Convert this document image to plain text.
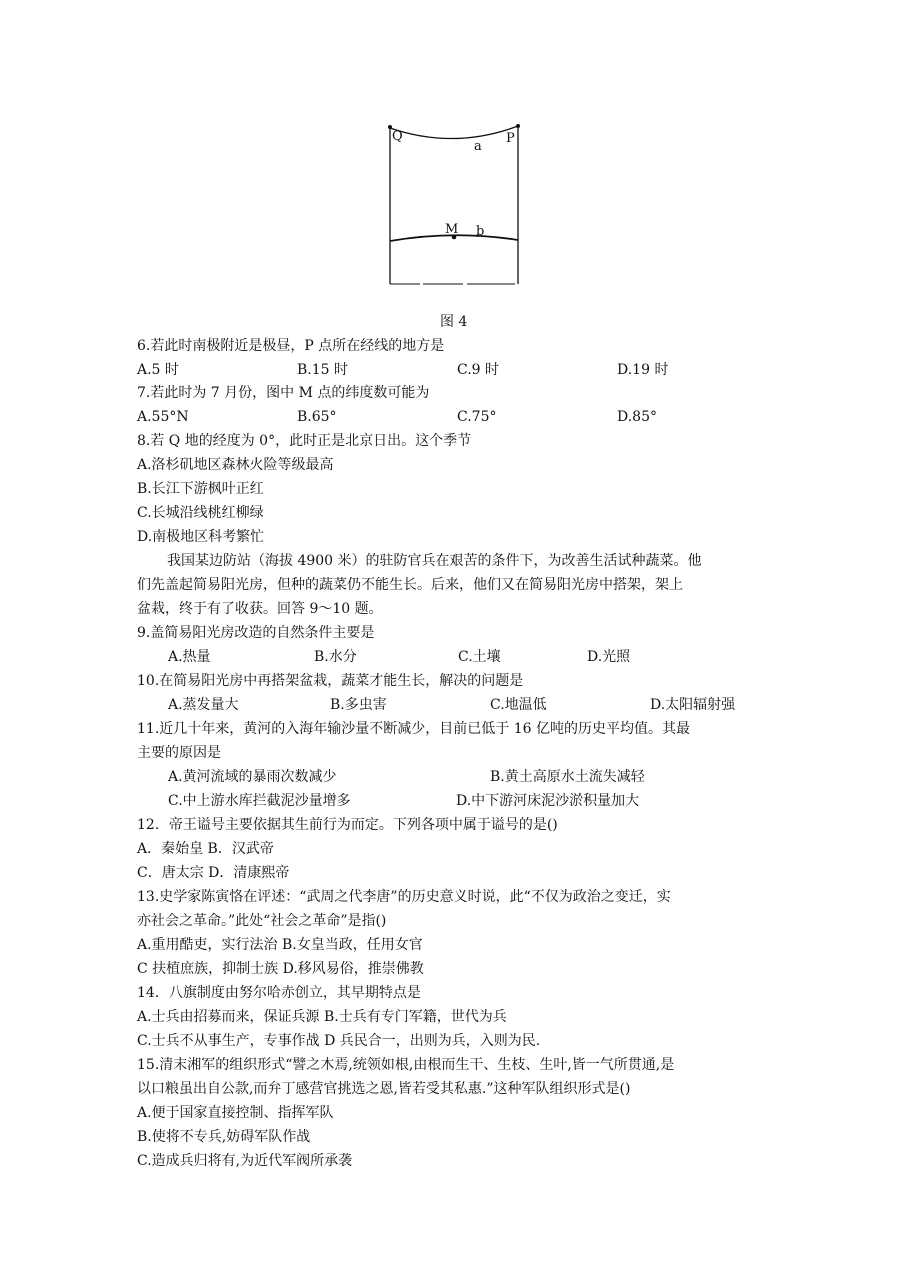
Q	P
a
M b
图 4
6.若此时南极附近是极昼，P 点所在经线的地方是
A.5 时	B.15 时	C.9 时	D.19 时
7.若此时为 7 月份，图中 M 点的纬度数可能为
A.55°N	B.65°	C.75°	D.85°
8.若 Q 地的经度为 0°，此时正是北京日出。这个季节
A.洛杉矶地区森林火险等级最高
B.长江下游枫叶正红
C.长城沿线桃红柳绿
D.南极地区科考繁忙
我国某边防站（海拔 4900 米）的驻防官兵在艰苦的条件下，为改善生活试种蔬菜。他
们先盖起简易阳光房，但种的蔬菜仍不能生长。后来，他们又在简易阳光房中搭架，架上
盆栽，终于有了收获。回答 9～10 题。
9.盖简易阳光房改造的自然条件主要是
A.热量	B.水分	C.土壤	D.光照
10.在简易阳光房中再搭架盆栽，蔬菜才能生长，解决的问题是
A.蒸发量大	B.多虫害	C.地温低	D.太阳辐射强
11.近几十年来，黄河的入海年输沙量不断减少，目前已低于 16 亿吨的历史平均值。其最
主要的原因是
A.黄河流域的暴雨次数减少	B.黄土高原水土流失减轻
C.中上游水库拦截泥沙量增多	D.中下游河床泥沙淤积量加大
12．帝王谥号主要依据其生前行为而定。下列各项中属于谥号的是()
A．秦始皇 B．汉武帝
C．唐太宗 D．清康熙帝
13.史学家陈寅恪在评述：“武周之代李唐”的历史意义时说，此“不仅为政治之变迁，实
亦社会之革命。”此处“社会之革命”是指()
A.重用酷吏，实行法治 B.女皇当政，任用女官
C 扶植庶族，抑制士族 D.移风易俗，推崇佛教
14．八旗制度由努尔哈赤创立，其早期特点是
A.士兵由招募而来，保证兵源 B.士兵有专门军籍，世代为兵
C.士兵不从事生产，专事作战 D 兵民合一，出则为兵，入则为民.
15.清末湘军的组织形式“譬之木焉,统领如根,由根而生干、生枝、生叶,皆一气所贯通,是
以口粮虽出自公款,而弁丁感营官挑选之恩,皆若受其私惠.”这种军队组织形式是()
A.便于国家直接控制、指挥军队
B.使将不专兵,妨碍军队作战
C.造成兵归将有,为近代军阀所承袭
